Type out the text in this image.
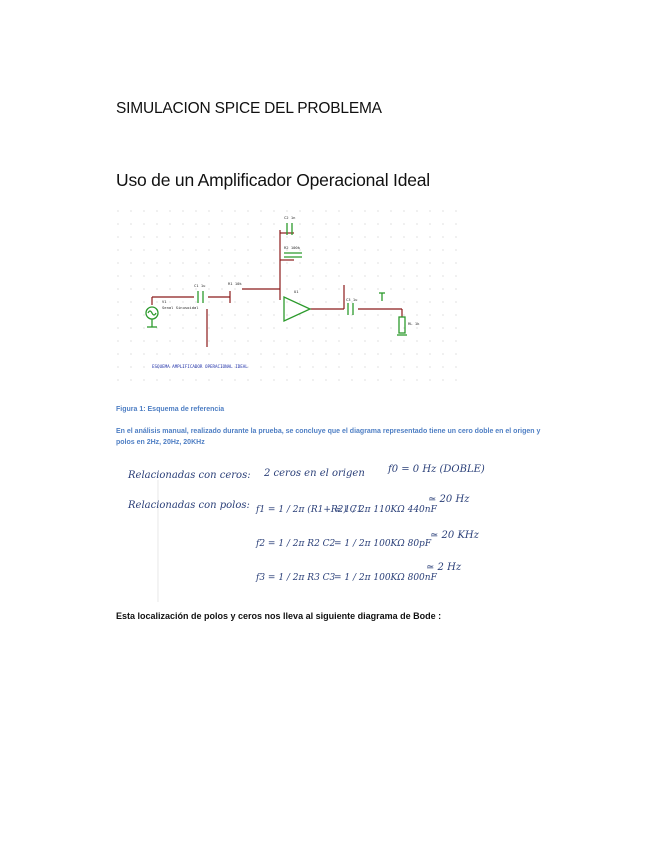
SIMULACION SPICE DEL PROBLEMA
Uso de un Amplificador Operacional Ideal
V1
Senal Sinusoidal
C1 1u	R1 10k
C2 1n
R2 100k
U1
C3 1u
RL 1k
ESQUEMA AMPLIFICADOR OPERACIONAL IDEAL
Figura 1: Esquema de referencia
En el análisis manual, realizado durante la prueba, se concluye que el diagrama representado tiene un cero doble en el origen y polos en 2Hz, 20Hz, 20KHz
Relacionadas con ceros: 2 ceros en el origen f0 = 0 Hz (DOBLE)
Relacionadas con polos: f1 = 1 / 2π (R1+R2) C1
≃ 1 / 2π 110KΩ 440nF
≃ 20 Hz
f2 = 1 / 2π R2 C2
= 1 / 2π 100KΩ 80pF
≃ 20 KHz
f3 = 1 / 2π R3 C3
= 1 / 2π 100KΩ 800nF
≃ 2 Hz
Esta localización de polos y ceros nos lleva al siguiente diagrama de Bode :
